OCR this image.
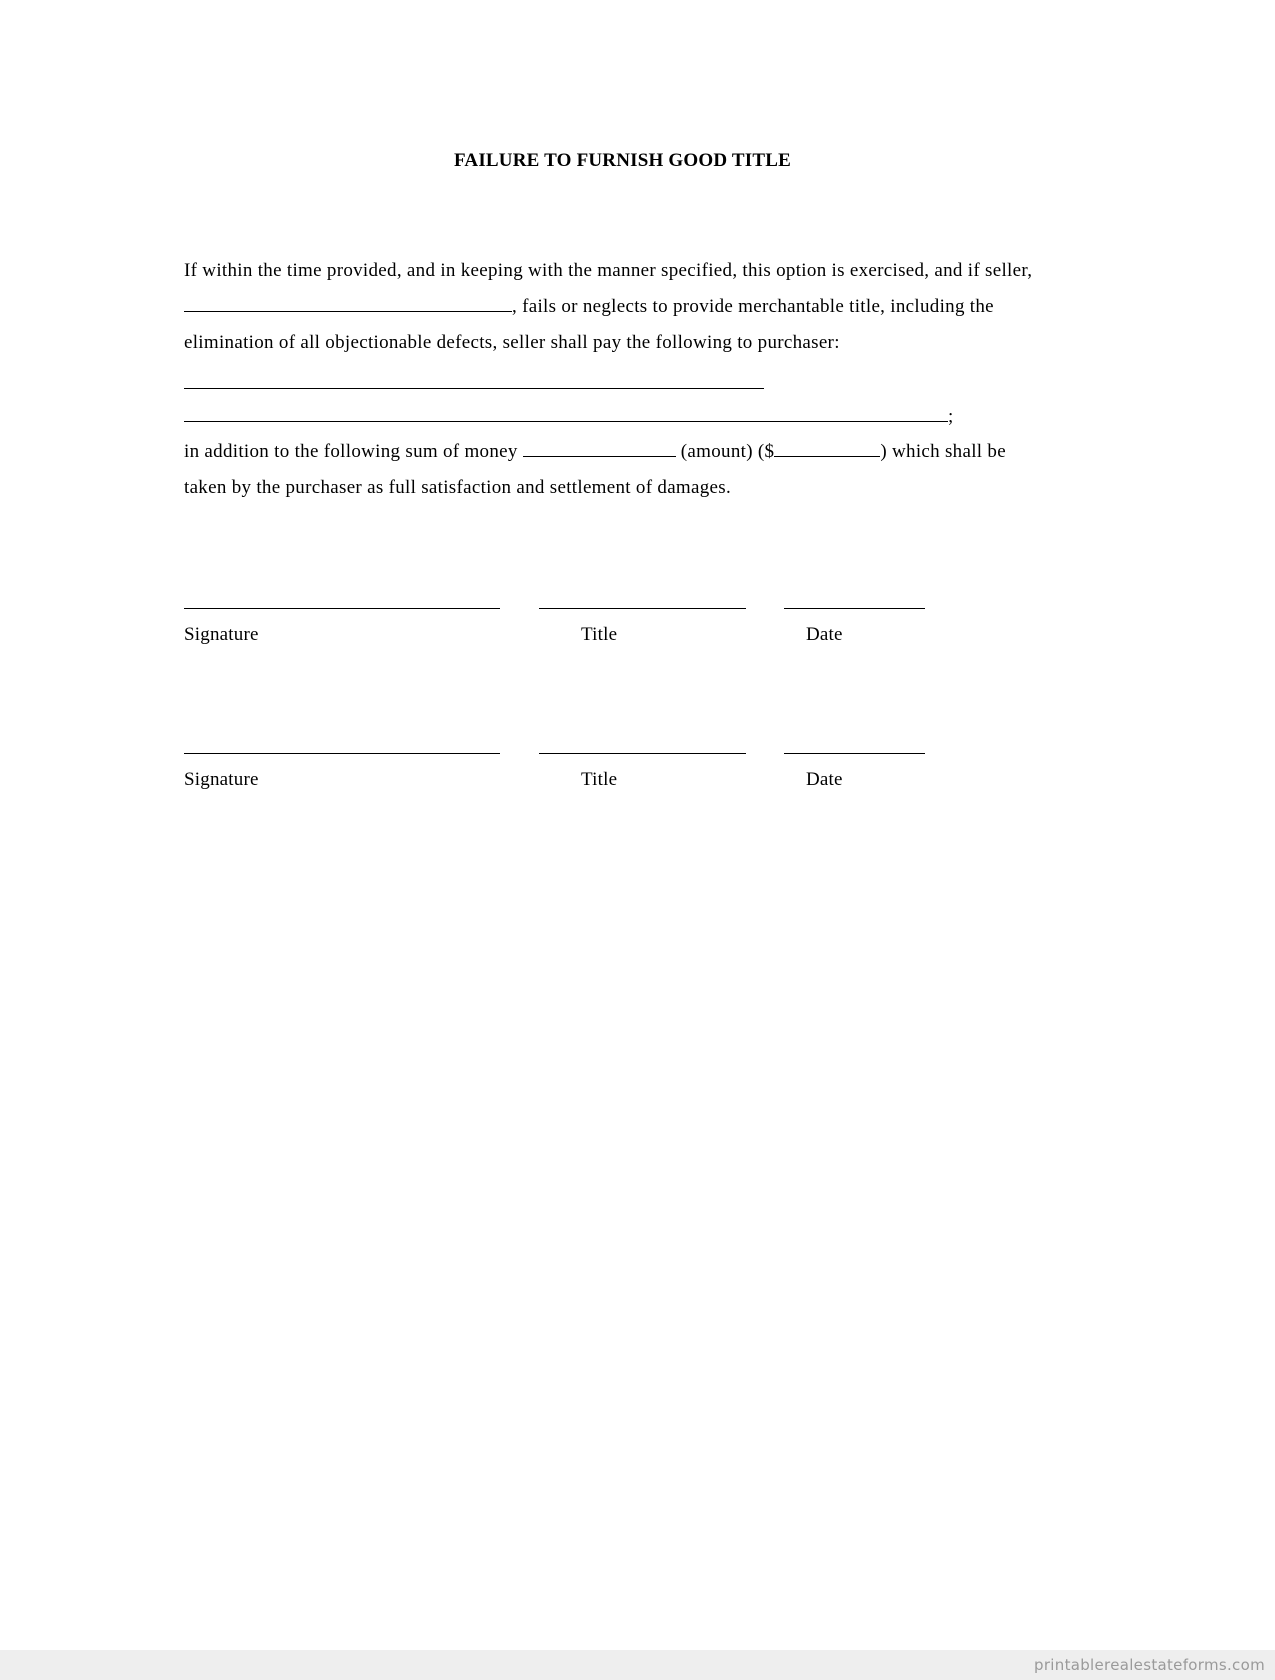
FAILURE TO FURNISH GOOD TITLE
If within the time provided, and in keeping with the manner specified, this option is exercised, and if seller,
, fails or neglects to provide merchantable title, including the
elimination of all objectionable defects, seller shall pay the following to purchaser:
;
in addition to the following sum of money	(amount) ($	) which shall be
taken by the purchaser as full satisfaction and settlement of damages.
Signature	Title	Date
Signature	Title	Date
printablerealestateforms.com
